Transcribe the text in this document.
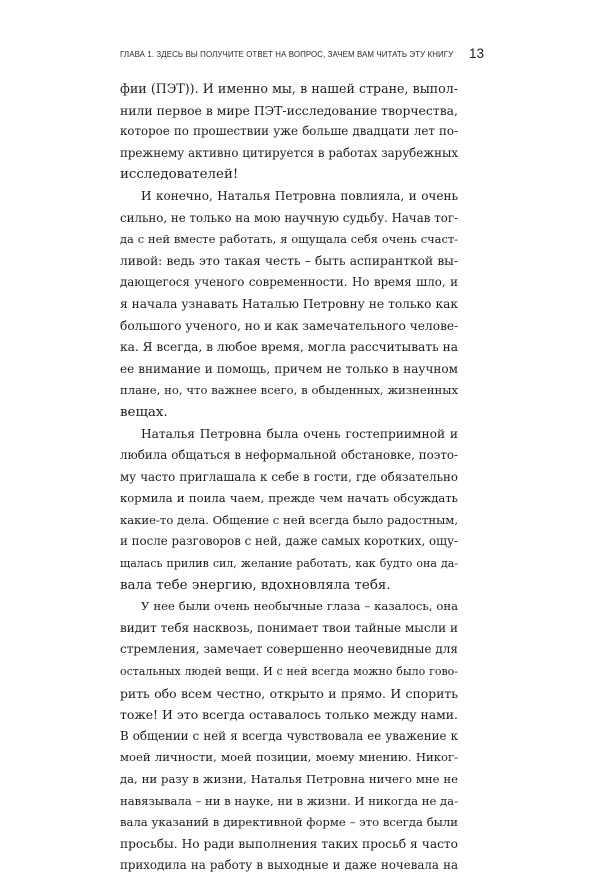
ГЛАВА 1. ЗДЕСЬ ВЫ ПОЛУЧИТЕ ОТВЕТ НА ВОПРОС, ЗАЧЕМ ВАМ ЧИТАТЬ ЭТУ КНИГУ 13
фии (ПЭТ)). И именно мы, в нашей стране, выпол-
нили первое в мире ПЭТ-исследование творчества,
которое по прошествии уже больше двадцати лет по-
прежнему активно цитируется в работах зарубежных
исследователей!
И конечно, Наталья Петровна повлияла, и очень
сильно, не только на мою научную судьбу. Начав тог-
да с ней вместе работать, я ощущала себя очень счаст-
ливой: ведь это такая честь – быть аспиранткой вы-
дающегося ученого современности. Но время шло, и
я начала узнавать Наталью Петровну не только как
большого ученого, но и как замечательного челове-
ка. Я всегда, в любое время, могла рассчитывать на
ее внимание и помощь, причем не только в научном
плане, но, что важнее всего, в обыденных, жизненных
вещах.
Наталья Петровна была очень гостеприимной и
любила общаться в неформальной обстановке, поэто-
му часто приглашала к себе в гости, где обязательно
кормила и поила чаем, прежде чем начать обсуждать
какие-то дела. Общение с ней всегда было радостным,
и после разговоров с ней, даже самых коротких, ощу-
щалась прилив сил, желание работать, как будто она да-
вала тебе энергию, вдохновляла тебя.
У нее были очень необычные глаза – казалось, она
видит тебя насквозь, понимает твои тайные мысли и
стремления, замечает совершенно неочевидные для
остальных людей вещи. И с ней всегда можно было гово-
рить обо всем честно, открыто и прямо. И спорить
тоже! И это всегда оставалось только между нами.
В общении с ней я всегда чувствовала ее уважение к
моей личности, моей позиции, моему мнению. Никог-
да, ни разу в жизни, Наталья Петровна ничего мне не
навязывала – ни в науке, ни в жизни. И никогда не да-
вала указаний в директивной форме – это всегда были
просьбы. Но ради выполнения таких просьб я часто
приходила на работу в выходные и даже ночевала на
